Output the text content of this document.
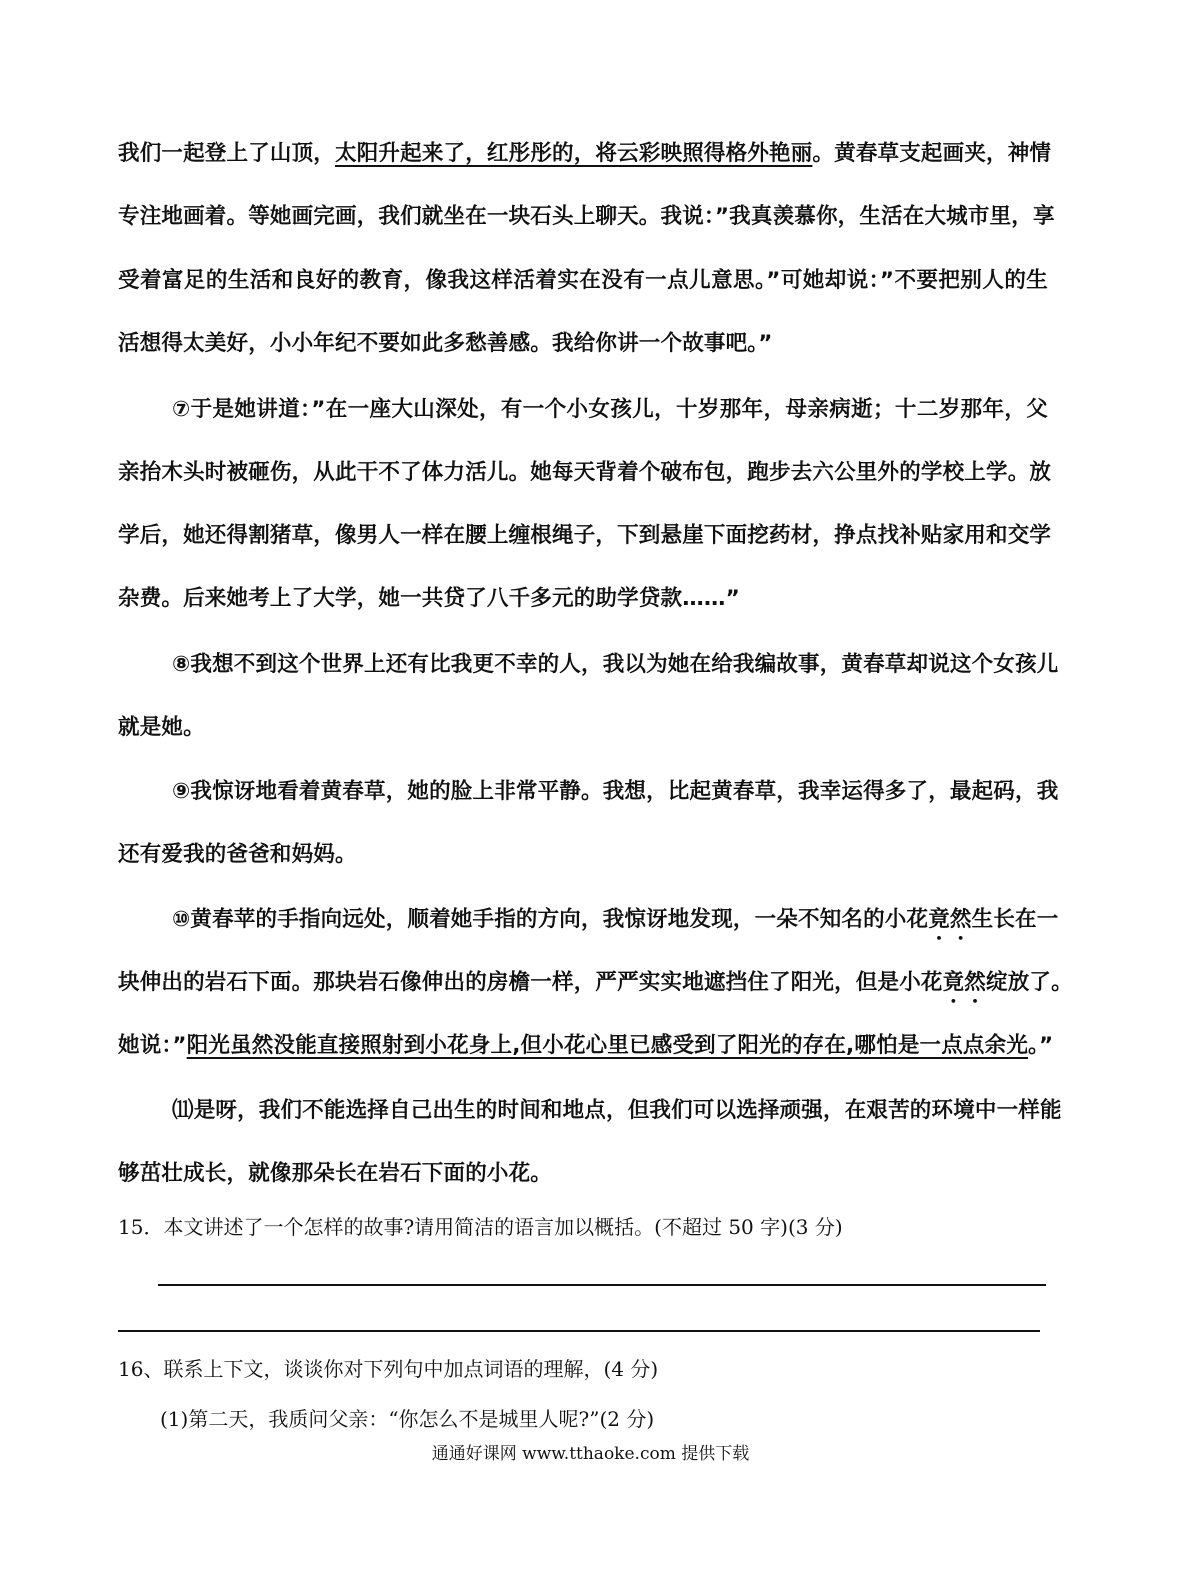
我们一起登上了山顶，太阳升起来了，红彤彤的，将云彩映照得格外艳丽。黄春草支起画夹，神情
专注地画着。等她画完画，我们就坐在一块石头上聊天。我说：”我真羡慕你，生活在大城市里，享
受着富足的生活和良好的教育，像我这样活着实在没有一点儿意思。”可她却说：”不要把别人的生
活想得太美好，小小年纪不要如此多愁善感。我给你讲一个故事吧。”
⑦于是她讲道：”在一座大山深处，有一个小女孩儿，十岁那年，母亲病逝；十二岁那年，父
亲抬木头时被砸伤，从此干不了体力活儿。她每天背着个破布包，跑步去六公里外的学校上学。放
学后，她还得割猪草，像男人一样在腰上缠根绳子，下到悬崖下面挖药材，挣点找补贴家用和交学
杂费。后来她考上了大学，她一共贷了八千多元的助学贷款……”
⑧我想不到这个世界上还有比我更不幸的人，我以为她在给我编故事，黄春草却说这个女孩儿
就是她。
⑨我惊讶地看着黄春草，她的脸上非常平静。我想，比起黄春草，我幸运得多了，最起码，我
还有爱我的爸爸和妈妈。
⑩黄春苹的手指向远处，顺着她手指的方向，我惊讶地发现，一朵不知名的小花竟然生长在一
块伸出的岩石下面。那块岩石像伸出的房檐一样，严严实实地遮挡住了阳光，但是小花竟然绽放了。
她说：”阳光虽然没能直接照射到小花身上,但小花心里已感受到了阳光的存在,哪怕是一点点余光。”
⑾是呀，我们不能选择自己出生的时间和地点，但我们可以选择顽强，在艰苦的环境中一样能
够茁壮成长，就像那朵长在岩石下面的小花。
15．本文讲述了一个怎样的故事?请用简洁的语言加以概括。(不超过 50 字)(3 分)
16、联系上下文，谈谈你对下列句中加点词语的理解，(4 分)
(1)第二天，我质问父亲：“你怎么不是城里人呢?”(2 分)
通通好课网 www.tthaoke.com 提供下载
